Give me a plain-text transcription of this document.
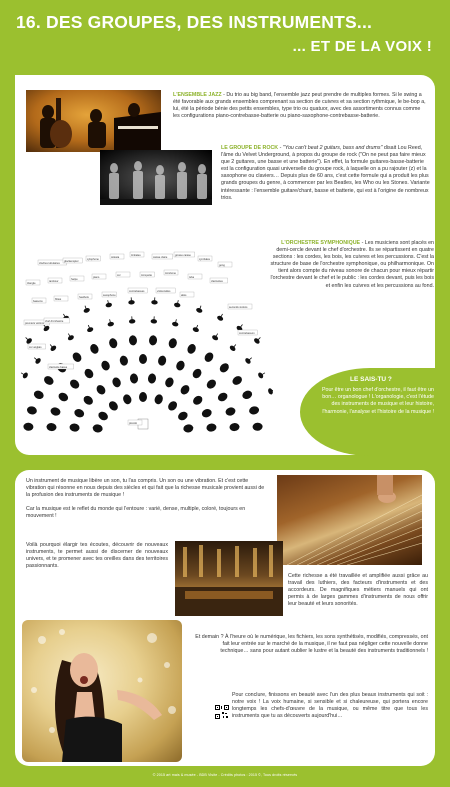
16. DES GROUPES, DES INSTRUMENTS...
... ET DE LA VOIX !

L'ENSEMBLE JAZZ - Du trio au big band, l'ensemble jazz peut prendre de multiples formes. Si le swing a été favorable aux grands ensembles comprenant sa section de cuivres et sa section rythmique, le be-bop a, lui, été la période bénie des petits ensembles, type trio ou quatuor, avec des assortiments connus comme les configurations piano-contrebasse-batterie ou piano-saxophone-contrebasse-batterie.

LE GROUPE DE ROCK - "You can't beat 2 guitars, bass and drums" disait Lou Reed, l'âme du Velvet Underground, à propos du groupe de rock ("On ne peut pas faire mieux que 2 guitares, une basse et une batterie"). En effet, la formule guitares-basse-batterie est la configuration quasi universelle du groupe rock, à laquelle on a pu rajouter (z) et la saxophone ou claviers… Depuis plus de 60 ans, c'est cette formule qui a produit les plus grands groupes du genre, à commencer par les Beatles, les Who ou les Stones. Variante intéressante : l'ensemble guitare/chant, basse et batterie, qui est à l'origine de nombreux trios.

cloches tubulaires
glockenspiel
xylophone
célesta
timbales
caisse claire
grosse caisse
cymbales
gong
triangle
tambour
harpe
piano
cor	trompette
trombone
tuba
clarinettes
bassons
flûtes
hautbois
saxophone
contrebasses	violoncelles
altos
seconds violons
premiers violons
chef d'orchestre
contrebasson
cor anglais
clarinette basse
piccolo

L'ORCHESTRE SYMPHONIQUE - Les musiciens sont placés en demi-cercle devant le chef d'orchestre. Ils se répartissent en quatre sections : les cordes, les bois, les cuivres et les percussions. C'est la structure de base de l'orchestre symphonique, ou philharmonique. On tient alors compte du niveau sonore de chacun pour mieux répartir l'orchestre devant le chef et le public : les cordes devant, puis les bois et enfin les cuivres et les percussions au fond.

LE SAIS-TU ?
Pour être un bon chef d'orchestre, il faut être un bon… organologue ! L'organologie, c'est l'étude des instruments de musique et leur histoire, l'harmonie, l'analyse et l'histoire de la musique !

Un instrument de musique libère un son, tu l'as compris. Un son ou une vibration. Et c'est cette vibration qui résonne en nous depuis des siècles et qui fait que la richesse musicale provient aussi de la profusion des instruments de musique !

Car la musique est le reflet du monde qui l'entoure : varié, dense, multiple, coloré, toujours en mouvement !

Voilà pourquoi élargir tes écoutes, découvrir de nouveaux instruments, te permet aussi de discerner de nouveaux univers, et te promener avec tes oreilles dans des territoires passionnants.

Cette richesse a été travaillée et amplifiée aussi grâce au travail des luthiers, des facteurs d'instruments et des accordeurs. De magnifiques métiers manuels qui ont permis à de larges gammes d'instruments de nous offrir leur beauté et leurs sonorités.

Et demain ? À l'heure où le numérique, les fichiers, les sons synthétisés, modifiés, compressés, ont fait leur entrée sur le marché de la musique, il ne faut pas négliger cette nouvelle donne technique… sans pour autant oublier le lustre et la beauté des instruments traditionnels !

Pour conclure, finissons en beauté avec l'un des plus beaux instruments qui soit : notre voix ! La voix humaine, si sensible et si chaleureuse, qui portera encore longtemps les chefs-d'œuvre de la musique, ou même titre que tous les instruments que tu as découverts aujourd'hui…

© 2015 art mais & musée - BDB Visite - Crédits photos : 2015 ©, Tous droits réservés
